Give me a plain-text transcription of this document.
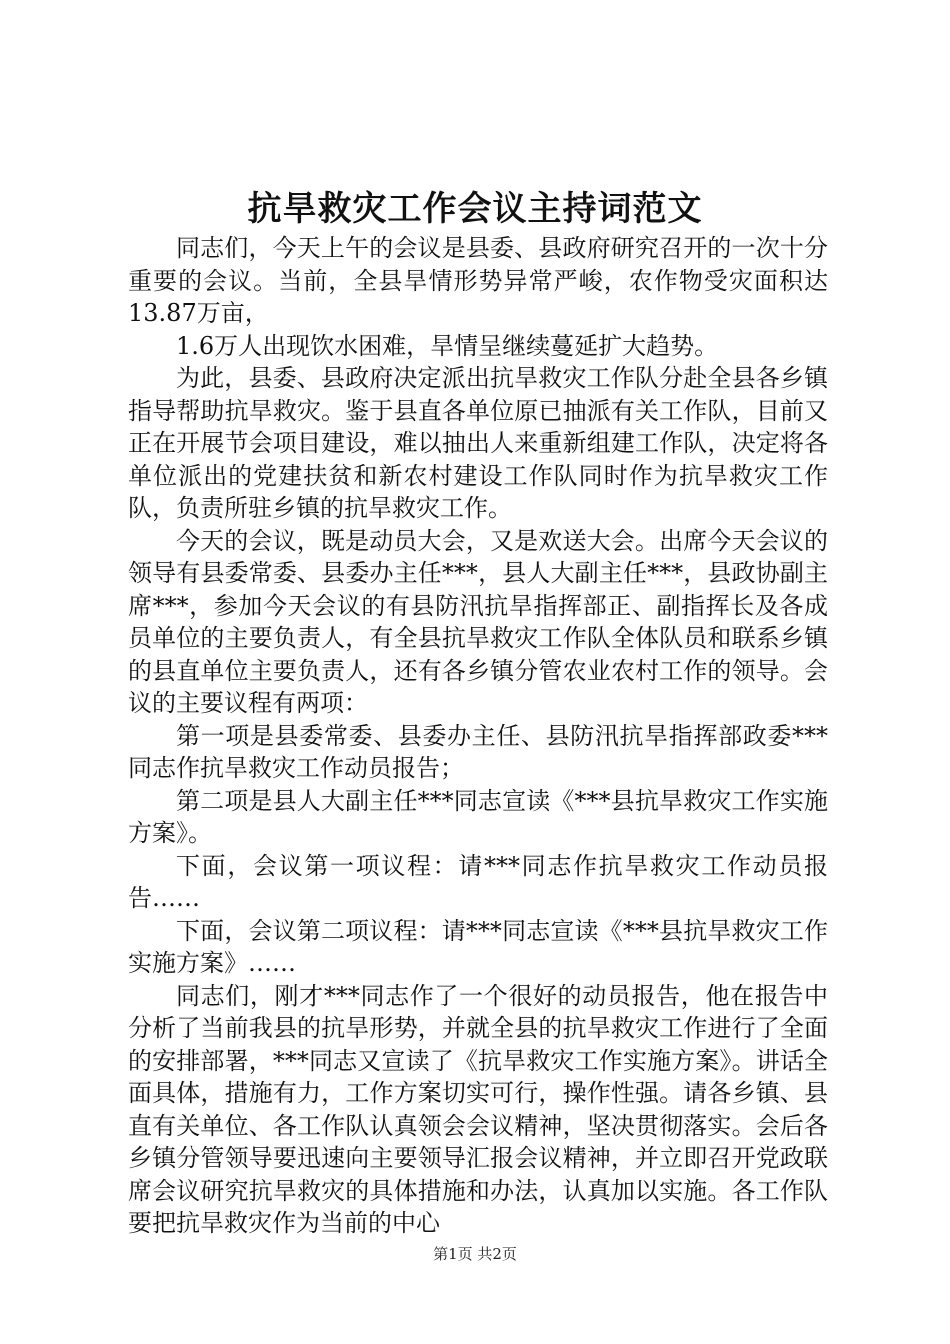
抗旱救灾工作会议主持词范文

同志们，今天上午的会议是县委、县政府研究召开的一次十分重要的会议。当前，全县旱情形势异常严峻，农作物受灾面积达13.87万亩，

1.6万人出现饮水困难，旱情呈继续蔓延扩大趋势。

为此，县委、县政府决定派出抗旱救灾工作队分赴全县各乡镇指导帮助抗旱救灾。鉴于县直各单位原已抽派有关工作队，目前又正在开展节会项目建设，难以抽出人来重新组建工作队，决定将各单位派出的党建扶贫和新农村建设工作队同时作为抗旱救灾工作队，负责所驻乡镇的抗旱救灾工作。

今天的会议，既是动员大会，又是欢送大会。出席今天会议的领导有县委常委、县委办主任***，县人大副主任***，县政协副主席***，参加今天会议的有县防汛抗旱指挥部正、副指挥长及各成员单位的主要负责人，有全县抗旱救灾工作队全体队员和联系乡镇的县直单位主要负责人，还有各乡镇分管农业农村工作的领导。会议的主要议程有两项：

第一项是县委常委、县委办主任、县防汛抗旱指挥部政委***同志作抗旱救灾工作动员报告；

第二项是县人大副主任***同志宣读《***县抗旱救灾工作实施方案》。

下面，会议第一项议程：请***同志作抗旱救灾工作动员报告……

下面，会议第二项议程：请***同志宣读《***县抗旱救灾工作实施方案》……

同志们，刚才***同志作了一个很好的动员报告，他在报告中分析了当前我县的抗旱形势，并就全县的抗旱救灾工作进行了全面的安排部署，***同志又宣读了《抗旱救灾工作实施方案》。讲话全面具体，措施有力，工作方案切实可行，操作性强。请各乡镇、县直有关单位、各工作队认真领会会议精神，坚决贯彻落实。会后各乡镇分管领导要迅速向主要领导汇报会议精神，并立即召开党政联席会议研究抗旱救灾的具体措施和办法，认真加以实施。各工作队要把抗旱救灾作为当前的中心

第1页 共2页
